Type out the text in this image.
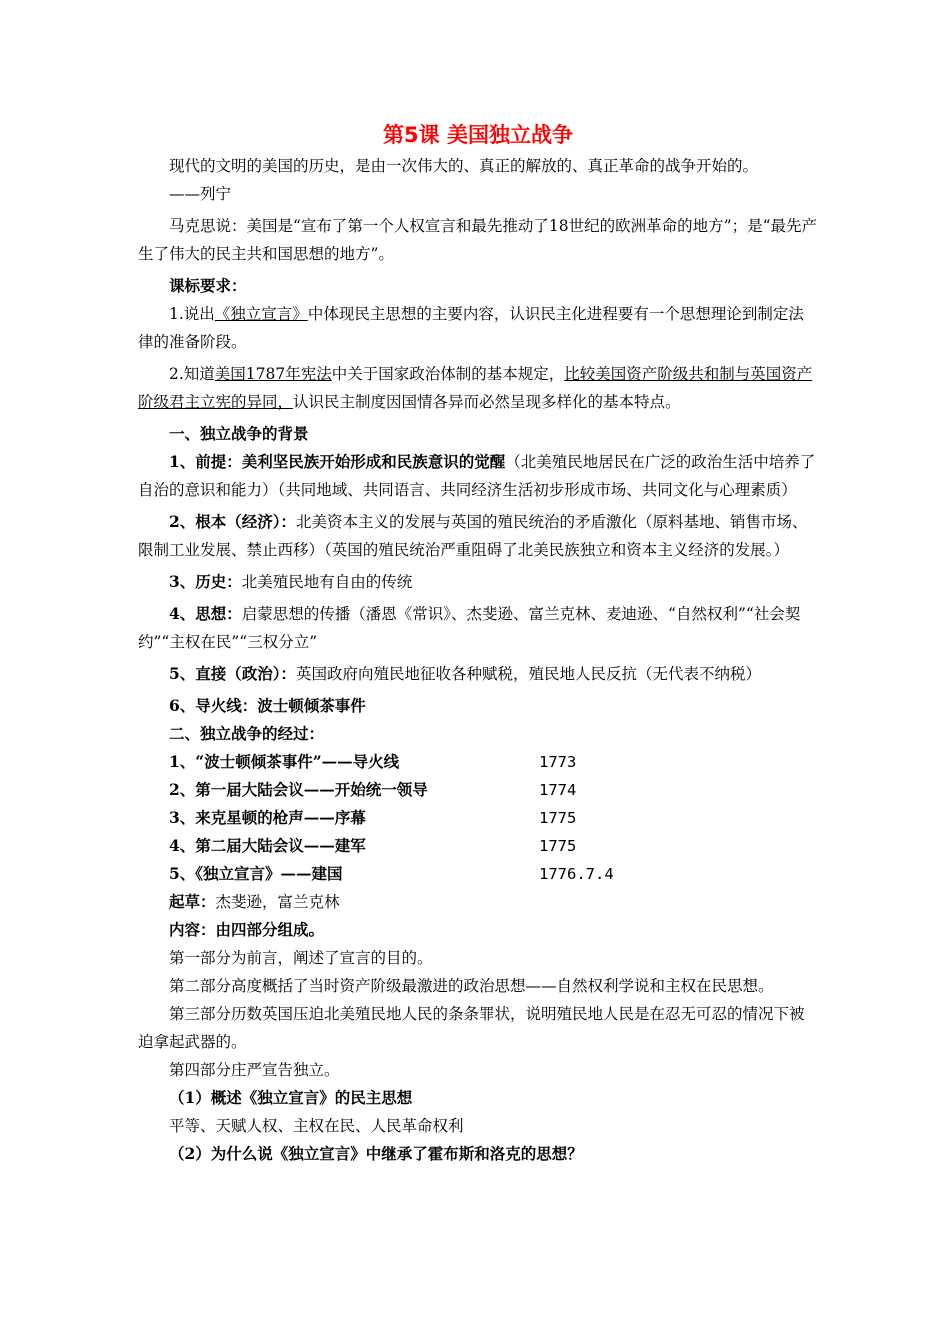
第5课 美国独立战争

现代的文明的美国的历史，是由一次伟大的、真正的解放的、真正革命的战争开始的。

——列宁

马克思说：美国是“宣布了第一个人权宣言和最先推动了18世纪的欧洲革命的地方”；是“最先产生了伟大的民主共和国思想的地方”。

课标要求：

1.说出《独立宣言》中体现民主思想的主要内容，认识民主化进程要有一个思想理论到制定法律的准备阶段。

2.知道美国1787年宪法中关于国家政治体制的基本规定，比较美国资产阶级共和制与英国资产阶级君主立宪的异同，认识民主制度因国情各异而必然呈现多样化的基本特点。

一、独立战争的背景

1、前提：美利坚民族开始形成和民族意识的觉醒（北美殖民地居民在广泛的政治生活中培养了自治的意识和能力）（共同地域、共同语言、共同经济生活初步形成市场、共同文化与心理素质）

2、根本（经济）：北美资本主义的发展与英国的殖民统治的矛盾激化（原料基地、销售市场、限制工业发展、禁止西移）（英国的殖民统治严重阻碍了北美民族独立和资本主义经济的发展。）

3、历史：北美殖民地有自由的传统

4、思想：启蒙思想的传播（潘恩《常识》、杰斐逊、富兰克林、麦迪逊、“自然权利”“社会契约”“主权在民”“三权分立”

5、直接（政治）：英国政府向殖民地征收各种赋税，殖民地人民反抗（无代表不纳税）

6、导火线：波士顿倾茶事件

二、独立战争的经过：

1、“波士顿倾茶事件”——导火线	1773
2、第一届大陆会议——开始统一领导	1774
3、来克星顿的枪声——序幕	1775
4、第二届大陆会议——建军	1775
5、《独立宣言》——建国	1776.7.4

起草：杰斐逊，富兰克林

内容：由四部分组成。

第一部分为前言，阐述了宣言的目的。

第二部分高度概括了当时资产阶级最激进的政治思想——自然权利学说和主权在民思想。

第三部分历数英国压迫北美殖民地人民的条条罪状，说明殖民地人民是在忍无可忍的情况下被迫拿起武器的。

第四部分庄严宣告独立。

（1）概述《独立宣言》的民主思想

平等、天赋人权、主权在民、人民革命权利

（2）为什么说《独立宣言》中继承了霍布斯和洛克的思想？
